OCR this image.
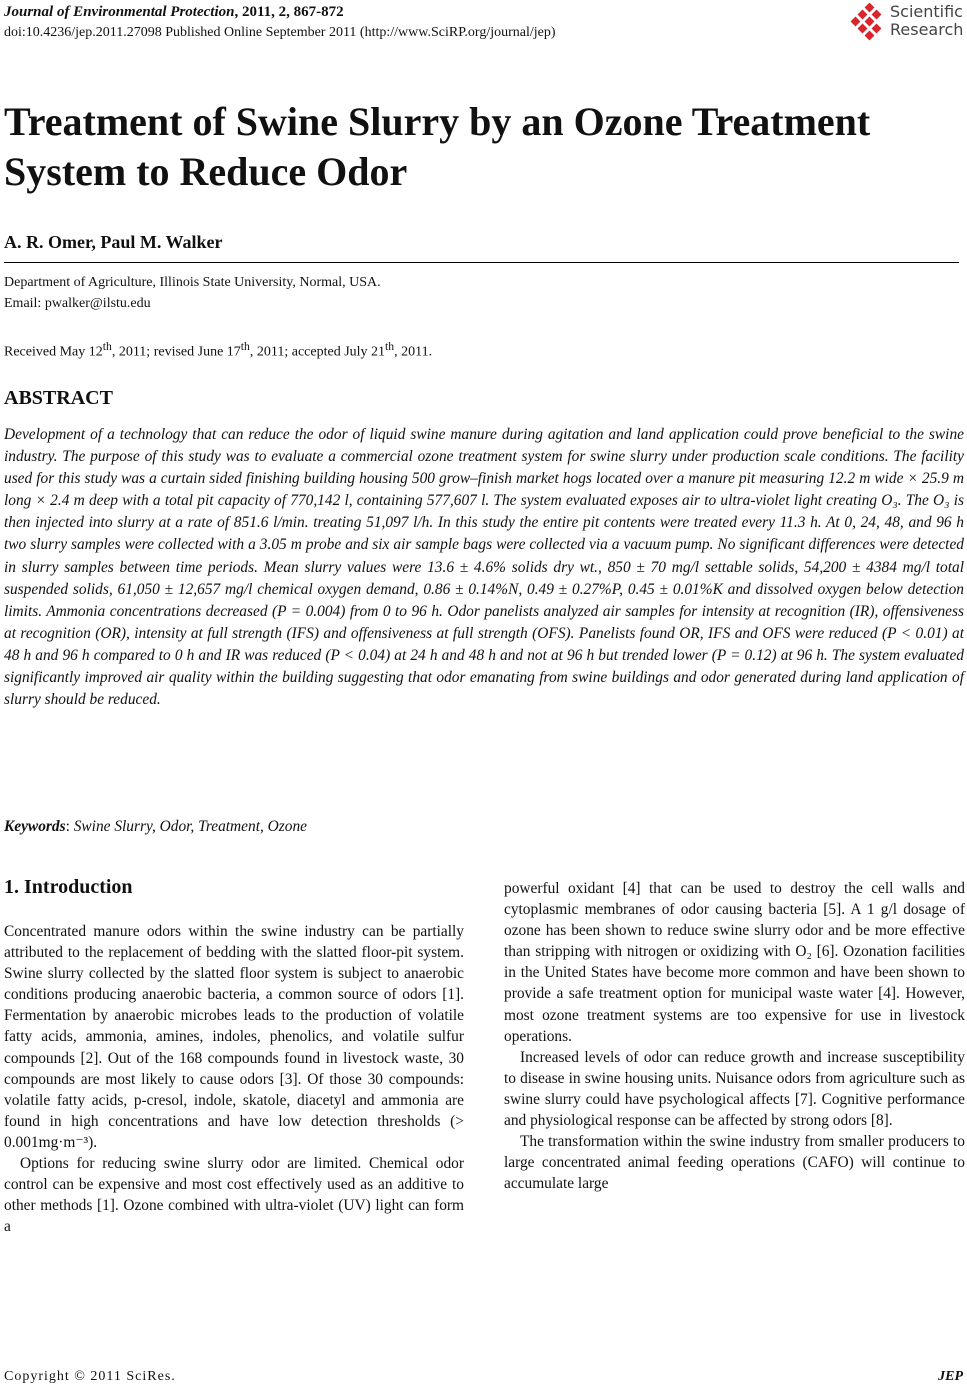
Journal of Environmental Protection, 2011, 2, 867-872
doi:10.4236/jep.2011.27098 Published Online September 2011 (http://www.SciRP.org/journal/jep)
Scientific
Research
Treatment of Swine Slurry by an Ozone Treatment System to Reduce Odor
A. R. Omer, Paul M. Walker
Department of Agriculture, Illinois State University, Normal, USA.
Email: pwalker@ilstu.edu
Received May 12th, 2011; revised June 17th, 2011; accepted July 21th, 2011.
ABSTRACT

Development of a technology that can reduce the odor of liquid swine manure during agitation and land application could prove beneficial to the swine industry. The purpose of this study was to evaluate a commercial ozone treatment system for swine slurry under production scale conditions. The facility used for this study was a curtain sided finishing building housing 500 grow–finish market hogs located over a manure pit measuring 12.2 m wide × 25.9 m long × 2.4 m deep with a total pit capacity of 770,142 l, containing 577,607 l. The system evaluated exposes air to ultra-violet light creating O₃. The O₃ is then injected into slurry at a rate of 851.6 l/min. treating 51,097 l/h. In this study the entire pit contents were treated every 11.3 h. At 0, 24, 48, and 96 h two slurry samples were collected with a 3.05 m probe and six air sample bags were collected via a vacuum pump. No significant differences were detected in slurry samples between time periods. Mean slurry values were 13.6 ± 4.6% solids dry wt., 850 ± 70 mg/l settable solids, 54,200 ± 4384 mg/l total suspended solids, 61,050 ± 12,657 mg/l chemical oxygen demand, 0.86 ± 0.14%N, 0.49 ± 0.27%P, 0.45 ± 0.01%K and dissolved oxygen below detection limits. Ammonia concentrations decreased (P = 0.004) from 0 to 96 h. Odor panelists analyzed air samples for intensity at recognition (IR), offensiveness at recognition (OR), intensity at full strength (IFS) and offensiveness at full strength (OFS). Panelists found OR, IFS and OFS were reduced (P < 0.01) at 48 h and 96 h compared to 0 h and IR was reduced (P < 0.04) at 24 h and 48 h and not at 96 h but trended lower (P = 0.12) at 96 h. The system evaluated significantly improved air quality within the building suggesting that odor emanating from swine buildings and odor generated during land application of slurry should be reduced.

Keywords: Swine Slurry, Odor, Treatment, Ozone
1. Introduction

Concentrated manure odors within the swine industry can be partially attributed to the replacement of bedding with the slatted floor-pit system. Swine slurry collected by the slatted floor system is subject to anaerobic conditions producing anaerobic bacteria, a common source of odors [1]. Fermentation by anaerobic microbes leads to the production of volatile fatty acids, ammonia, amines, indoles, phenolics, and volatile sulfur compounds [2]. Out of the 168 compounds found in livestock waste, 30 compounds are most likely to cause odors [3]. Of those 30 compounds: volatile fatty acids, p-cresol, indole, skatole, diacetyl and ammonia are found in high concentrations and have low detection thresholds (> 0.001mg·m⁻³).

Options for reducing swine slurry odor are limited. Chemical odor control can be expensive and most cost effectively used as an additive to other methods [1]. Ozone combined with ultra-violet (UV) light can form a

powerful oxidant [4] that can be used to destroy the cell walls and cytoplasmic membranes of odor causing bacteria [5]. A 1 g/l dosage of ozone has been shown to reduce swine slurry odor and be more effective than stripping with nitrogen or oxidizing with O₂ [6]. Ozonation facilities in the United States have become more common and have been shown to provide a safe treatment option for municipal waste water [4]. However, most ozone treatment systems are too expensive for use in livestock operations.

Increased levels of odor can reduce growth and increase susceptibility to disease in swine housing units. Nuisance odors from agriculture such as swine slurry could have psychological affects [7]. Cognitive performance and physiological response can be affected by strong odors [8].

The transformation within the swine industry from smaller producers to large concentrated animal feeding operations (CAFO) will continue to accumulate large

Copyright © 2011 SciRes.	JEP
